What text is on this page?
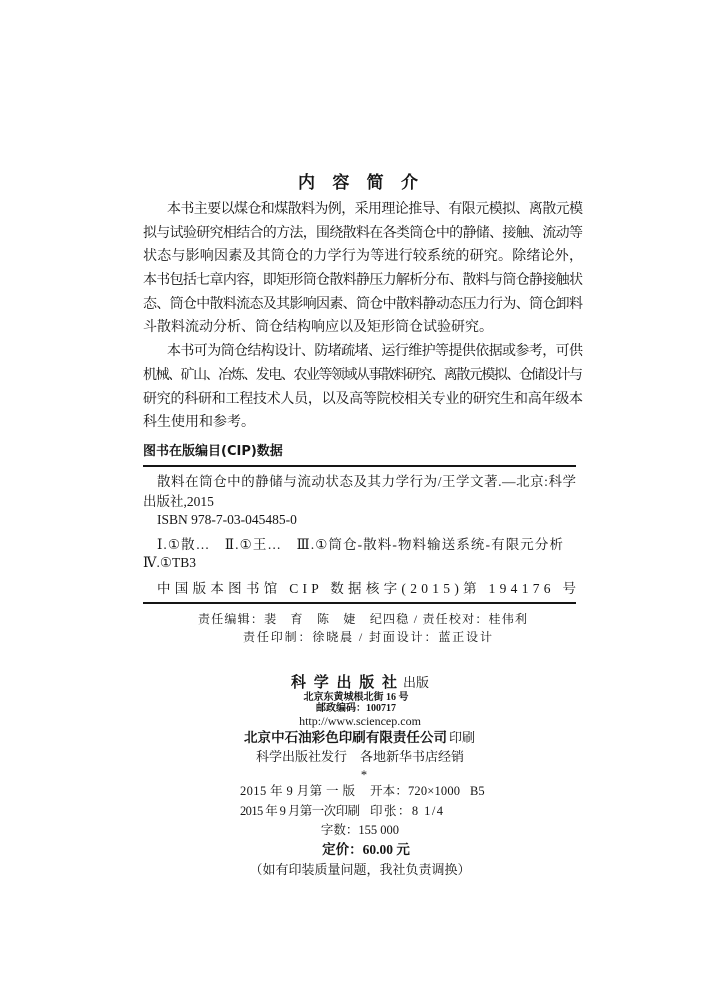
内 容 简 介
本书主要以煤仓和煤散料为例，采用理论推导、有限元模拟、离散元模
拟与试验研究相结合的方法，围绕散料在各类筒仓中的静储、接触、流动等
状态与影响因素及其筒仓的力学行为等进行较系统的研究。除绪论外，
本书包括七章内容，即矩形筒仓散料静压力解析分布、散料与筒仓静接触状
态、筒仓中散料流态及其影响因素、筒仓中散料静动态压力行为、筒仓卸料
斗散料流动分析、筒仓结构响应以及矩形筒仓试验研究。
本书可为筒仓结构设计、防堵疏堵、运行维护等提供依据或参考，可供
机械、矿山、冶炼、发电、农业等领域从事散料研究、离散元模拟、仓储设计与
研究的科研和工程技术人员，以及高等院校相关专业的研究生和高年级本
科生使用和参考。
图书在版编目(CIP)数据
散料在筒仓中的静储与流动状态及其力学行为/王学文著.—北京:科学
出版社,2015
ISBN 978-7-03-045485-0
Ⅰ.①散…　Ⅱ.①王…　Ⅲ.①筒仓-散料-物料输送系统-有限元分析
Ⅳ.①TB3
中国版本图书馆 CIP 数据核字(2015)第 194176 号
责任编辑：裴　育　陈　婕　纪四稳 / 责任校对：桂伟利
责任印制：徐晓晨 / 封面设计：蓝正设计
科学出版社
出版
北京东黄城根北街 16 号
邮政编码：100717
http://www.sciencep.com
北京中石油彩色印刷有限责任公司 印刷
科学出版社发行　各地新华书店经销
*
2015 年 9 月第 一 版 开本：720×1000 B5
2015 年 9 月第一次印刷 印张：8 1/4
字数：155 000
定价：60.00 元
（如有印装质量问题，我社负责调换）
